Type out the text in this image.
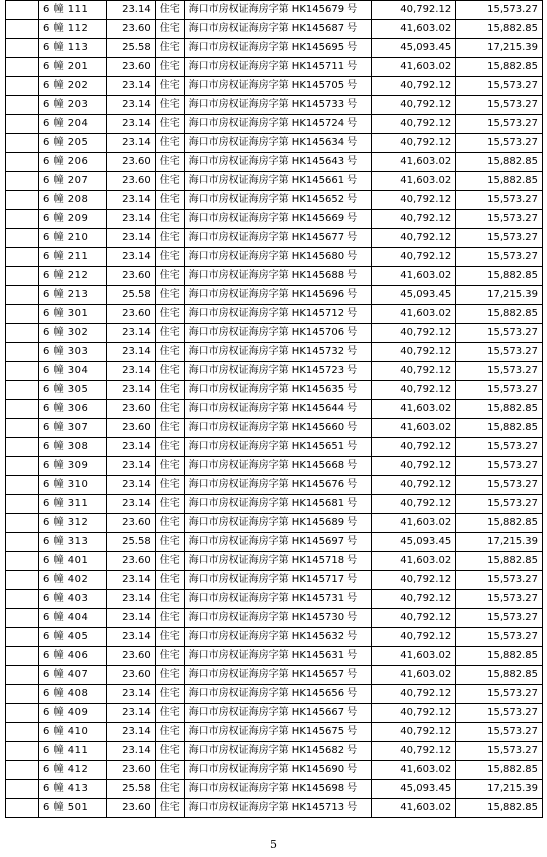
	6 幢 111	23.14	住宅	海口市房权证海房字第 HK145679 号	40,792.12	15,573.27
	6 幢 112	23.60	住宅	海口市房权证海房字第 HK145687 号	41,603.02	15,882.85
	6 幢 113	25.58	住宅	海口市房权证海房字第 HK145695 号	45,093.45	17,215.39
	6 幢 201	23.60	住宅	海口市房权证海房字第 HK145711 号	41,603.02	15,882.85
	6 幢 202	23.14	住宅	海口市房权证海房字第 HK145705 号	40,792.12	15,573.27
	6 幢 203	23.14	住宅	海口市房权证海房字第 HK145733 号	40,792.12	15,573.27
	6 幢 204	23.14	住宅	海口市房权证海房字第 HK145724 号	40,792.12	15,573.27
	6 幢 205	23.14	住宅	海口市房权证海房字第 HK145634 号	40,792.12	15,573.27
	6 幢 206	23.60	住宅	海口市房权证海房字第 HK145643 号	41,603.02	15,882.85
	6 幢 207	23.60	住宅	海口市房权证海房字第 HK145661 号	41,603.02	15,882.85
	6 幢 208	23.14	住宅	海口市房权证海房字第 HK145652 号	40,792.12	15,573.27
	6 幢 209	23.14	住宅	海口市房权证海房字第 HK145669 号	40,792.12	15,573.27
	6 幢 210	23.14	住宅	海口市房权证海房字第 HK145677 号	40,792.12	15,573.27
	6 幢 211	23.14	住宅	海口市房权证海房字第 HK145680 号	40,792.12	15,573.27
	6 幢 212	23.60	住宅	海口市房权证海房字第 HK145688 号	41,603.02	15,882.85
	6 幢 213	25.58	住宅	海口市房权证海房字第 HK145696 号	45,093.45	17,215.39
	6 幢 301	23.60	住宅	海口市房权证海房字第 HK145712 号	41,603.02	15,882.85
	6 幢 302	23.14	住宅	海口市房权证海房字第 HK145706 号	40,792.12	15,573.27
	6 幢 303	23.14	住宅	海口市房权证海房字第 HK145732 号	40,792.12	15,573.27
	6 幢 304	23.14	住宅	海口市房权证海房字第 HK145723 号	40,792.12	15,573.27
	6 幢 305	23.14	住宅	海口市房权证海房字第 HK145635 号	40,792.12	15,573.27
	6 幢 306	23.60	住宅	海口市房权证海房字第 HK145644 号	41,603.02	15,882.85
	6 幢 307	23.60	住宅	海口市房权证海房字第 HK145660 号	41,603.02	15,882.85
	6 幢 308	23.14	住宅	海口市房权证海房字第 HK145651 号	40,792.12	15,573.27
	6 幢 309	23.14	住宅	海口市房权证海房字第 HK145668 号	40,792.12	15,573.27
	6 幢 310	23.14	住宅	海口市房权证海房字第 HK145676 号	40,792.12	15,573.27
	6 幢 311	23.14	住宅	海口市房权证海房字第 HK145681 号	40,792.12	15,573.27
	6 幢 312	23.60	住宅	海口市房权证海房字第 HK145689 号	41,603.02	15,882.85
	6 幢 313	25.58	住宅	海口市房权证海房字第 HK145697 号	45,093.45	17,215.39
	6 幢 401	23.60	住宅	海口市房权证海房字第 HK145718 号	41,603.02	15,882.85
	6 幢 402	23.14	住宅	海口市房权证海房字第 HK145717 号	40,792.12	15,573.27
	6 幢 403	23.14	住宅	海口市房权证海房字第 HK145731 号	40,792.12	15,573.27
	6 幢 404	23.14	住宅	海口市房权证海房字第 HK145730 号	40,792.12	15,573.27
	6 幢 405	23.14	住宅	海口市房权证海房字第 HK145632 号	40,792.12	15,573.27
	6 幢 406	23.60	住宅	海口市房权证海房字第 HK145631 号	41,603.02	15,882.85
	6 幢 407	23.60	住宅	海口市房权证海房字第 HK145657 号	41,603.02	15,882.85
	6 幢 408	23.14	住宅	海口市房权证海房字第 HK145656 号	40,792.12	15,573.27
	6 幢 409	23.14	住宅	海口市房权证海房字第 HK145667 号	40,792.12	15,573.27
	6 幢 410	23.14	住宅	海口市房权证海房字第 HK145675 号	40,792.12	15,573.27
	6 幢 411	23.14	住宅	海口市房权证海房字第 HK145682 号	40,792.12	15,573.27
	6 幢 412	23.60	住宅	海口市房权证海房字第 HK145690 号	41,603.02	15,882.85
	6 幢 413	25.58	住宅	海口市房权证海房字第 HK145698 号	45,093.45	17,215.39
	6 幢 501	23.60	住宅	海口市房权证海房字第 HK145713 号	41,603.02	15,882.85
5
